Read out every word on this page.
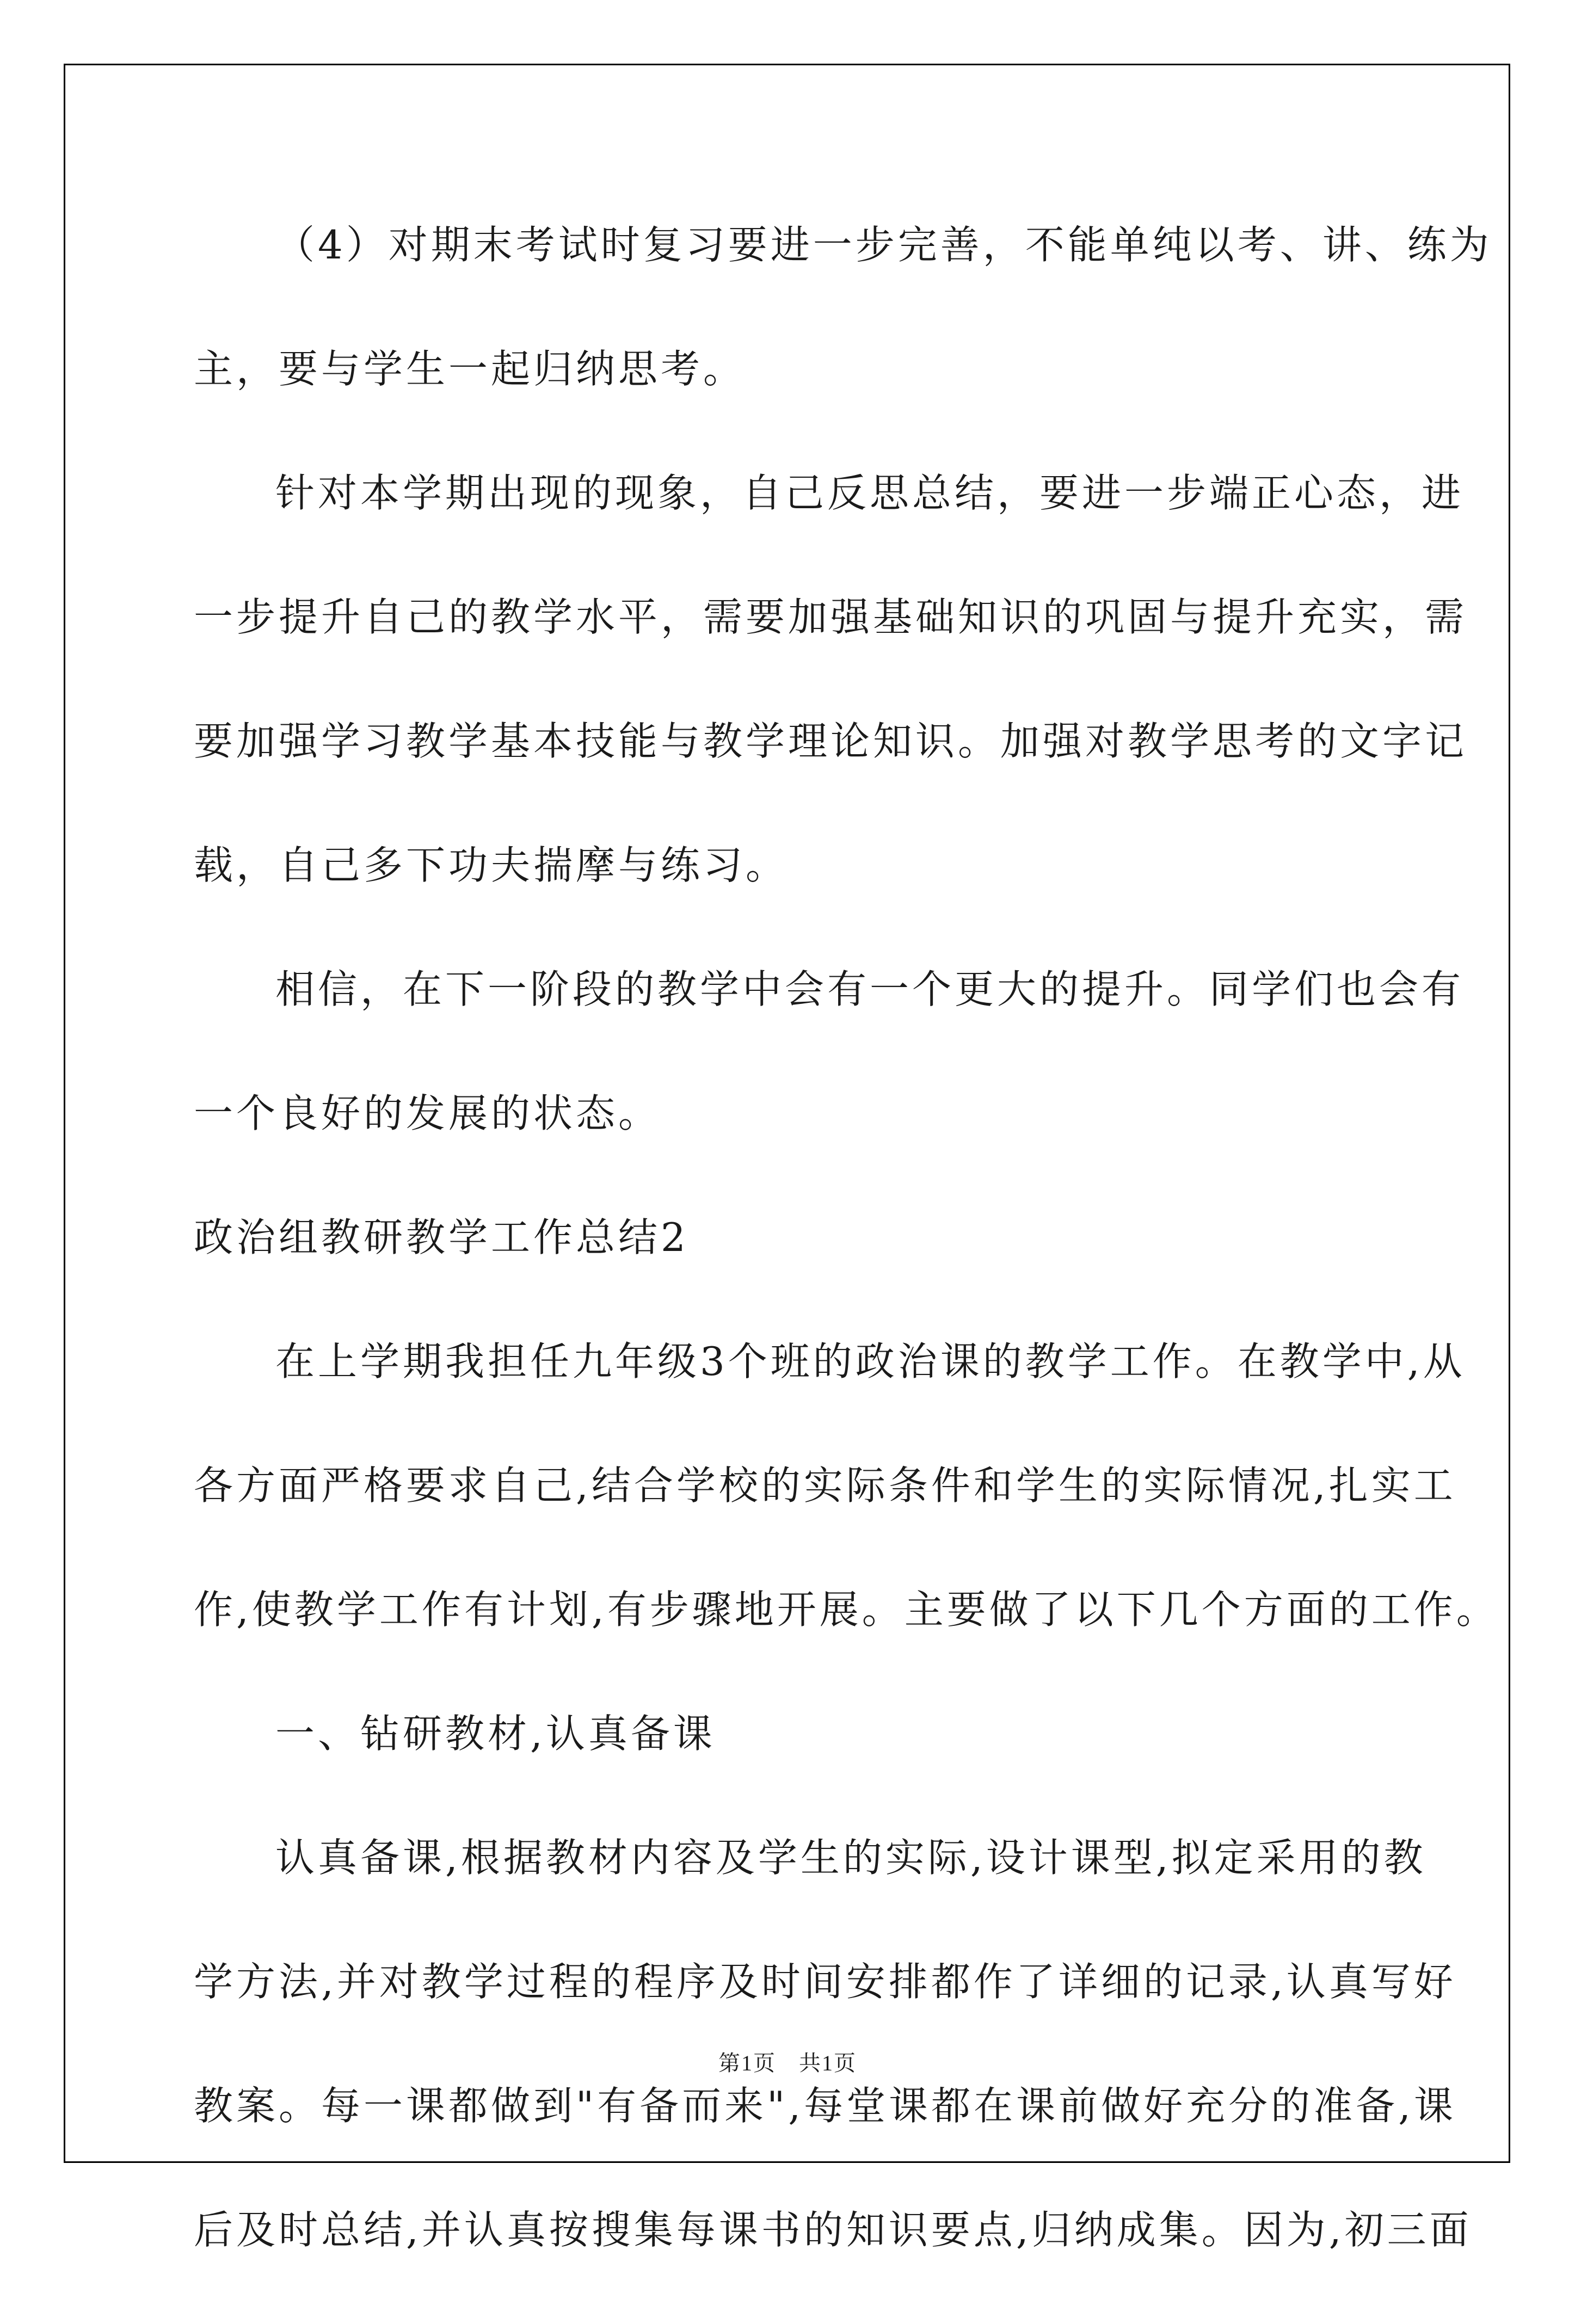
（4）对期末考试时复习要进一步完善，不能单纯以考、讲、练为
主，要与学生一起归纳思考。
针对本学期出现的现象，自己反思总结，要进一步端正心态，进
一步提升自己的教学水平，需要加强基础知识的巩固与提升充实，需
要加强学习教学基本技能与教学理论知识。加强对教学思考的文字记
载，自己多下功夫揣摩与练习。
相信，在下一阶段的教学中会有一个更大的提升。同学们也会有
一个良好的发展的状态。
政治组教研教学工作总结2
在上学期我担任九年级3个班的政治课的教学工作。在教学中,从
各方面严格要求自己,结合学校的实际条件和学生的实际情况,扎实工
作,使教学工作有计划,有步骤地开展。主要做了以下几个方面的工作。
一、钻研教材,认真备课
认真备课,根据教材内容及学生的实际,设计课型,拟定采用的教
学方法,并对教学过程的程序及时间安排都作了详细的记录,认真写好
教案。每一课都做到"有备而来",每堂课都在课前做好充分的准备,课
后及时总结,并认真按搜集每课书的知识要点,归纳成集。因为,初三面
第1页　共1页
